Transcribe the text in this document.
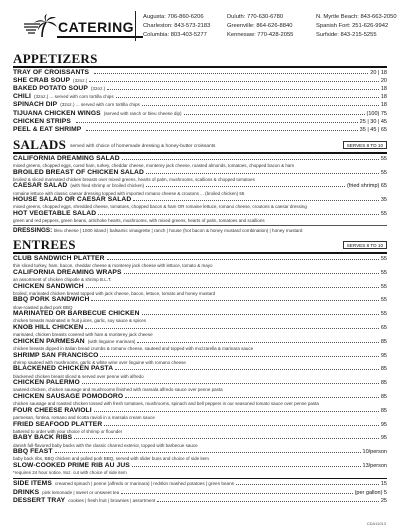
CATERING
Augusta: 706-860-6206
Charleston: 843-573-2183
Columbia: 803-403-5277
Duluth: 770-630-6780
Greenville: 864-626-8840
Kennesaw: 770-428-2055
N. Myrtle Beach: 843-663-2050
Spanish Fort: 251-626-9942
Surfside: 843-215-5255
APPETIZERS
TRAY OF CROISSANTS	20 | 18
SHE CRAB SOUP (32oz.)	20
BAKED POTATO SOUP (32oz.)	18
CHILI (32oz.) ... served with corn tortilla chips	18
SPINACH DIP (32oz.) ... served with corn tortilla chips	18
TIJUANA CHICKEN WINGS (served with ranch or bleu cheese dip)	(100) 75
CHICKEN STRIPS	25 | 30 | 45
PEEL & EAT SHRIMP	35 | 45 | 65
SALADS served with choice of homemade dressing & honey-butter croissants	SERVES 8 TO 10
CALIFORNIA DREAMING SALAD	55
mixed greens, chopped eggs, cured ham, turkey, cheddar cheese, monterey jack cheese, roasted almonds, tomatoes, chopped bacon & ham
BROILED BREAST OF CHICKEN SALAD	55
broiled & sliced marinated chicken breasts over mixed greens, hearts of palm, mushrooms, scallions & chopped tomatoes
CAESAR SALAD (with fried shrimp or broiled chicken)	(fried shrimp) 65
romaine lettuce with classic caesar dressing topped with imported romano cheese & croutons ... (broiled chicken) 55
HOUSE SALAD OR CAESAR SALAD	35
mixed greens, chopped eggs, shredded cheese, tomatoes, chopped bacon & ham OR romaine lettuce, romano cheese, croutons & caesar dressing
HOT VEGETABLE SALAD	55
green and red peppers, green beans, artichoke hearts, mushrooms, with mixed greens, hearts of palm, tomatoes and scallions
DRESSINGS: bleu cheese | 1000 island | balsamic vinaigrette | ranch | house (hot bacon & honey mustard combination) | honey mustard
ENTREES	SERVES 8 TO 10
CLUB SANDWICH PLATTER	55
thin sliced turkey, ham, bacon, cheddar cheese & monterey jack cheese with lettuce, tomato & mayo
CALIFORNIA DREAMING WRAPS	55
an assortment of chicken chipotle & shrimp B.L.T.
CHICKEN SANDWICH	55
broiled, marinated chicken breast topped with jack cheese, bacon, lettuce, tomato and honey mustard
BBQ PORK SANDWICH	55
slow-roasted pulled pork BBQ
MARINATED OR BARBECUE CHICKEN	55
chicken breasts marinated in fruit juices, garlic, soy sauce & spices
KNOB HILL CHICKEN	65
marinated, chicken breasts covered with ham & monterey jack cheese
CHICKEN PARMESAN (with linguine marinara)	85
chicken breasts dipped in italian bread crumbs & romano cheese, sauteed and topped with mozzarella & marinara sauce
SHRIMP SAN FRANCISCO	95
shrimp sauteed with mushrooms, garlic & white wine over linguine with romano cheese
BLACKENED CHICKEN PASTA	85
blackened chicken breast sliced & served over penne with alfredo
CHICKEN PALERMO	85
sauteed chicken, chicken sausage and mushrooms finished with marsala alfredo sauce over penne pasta
CHICKEN SAUSAGE POMODORO	85
chicken sausage and roasted chicken tossed with fresh tomatoes, mushrooms, spinach and bell peppers in our seasoned tomato sauce over penne pasta
FOUR CHEESE RAVIOLI	85
parmesan, fontina, romano and ricotta ravioli in a marsala cream sauce
FRIED SEAFOOD PLATTER	95
battered to order with your choice of shrimp or flounder
BABY BACK RIBS	95
danish full-flavored baby backs with the classic charred exterior, topped with barbecue sauce
BBQ FEAST	10/person
baby back ribs, BBQ chicken and pulled pork BBQ, served with slider buns and choice of side item
SLOW-COOKED PRIME RIB AU JUS	13/person
*requires 24 hour notice. 8oz. cut with choice of side item
SIDE ITEMS creamed spinach | penne (alfredo or marinara) | redskin mashed potatoes | green beans	15
DRINKS pink lemonade | sweet or unsweet tea	(per gallon) 5
DESSERT TRAY cookies | fresh fruit | brownies | assortment	25
CDA11013
